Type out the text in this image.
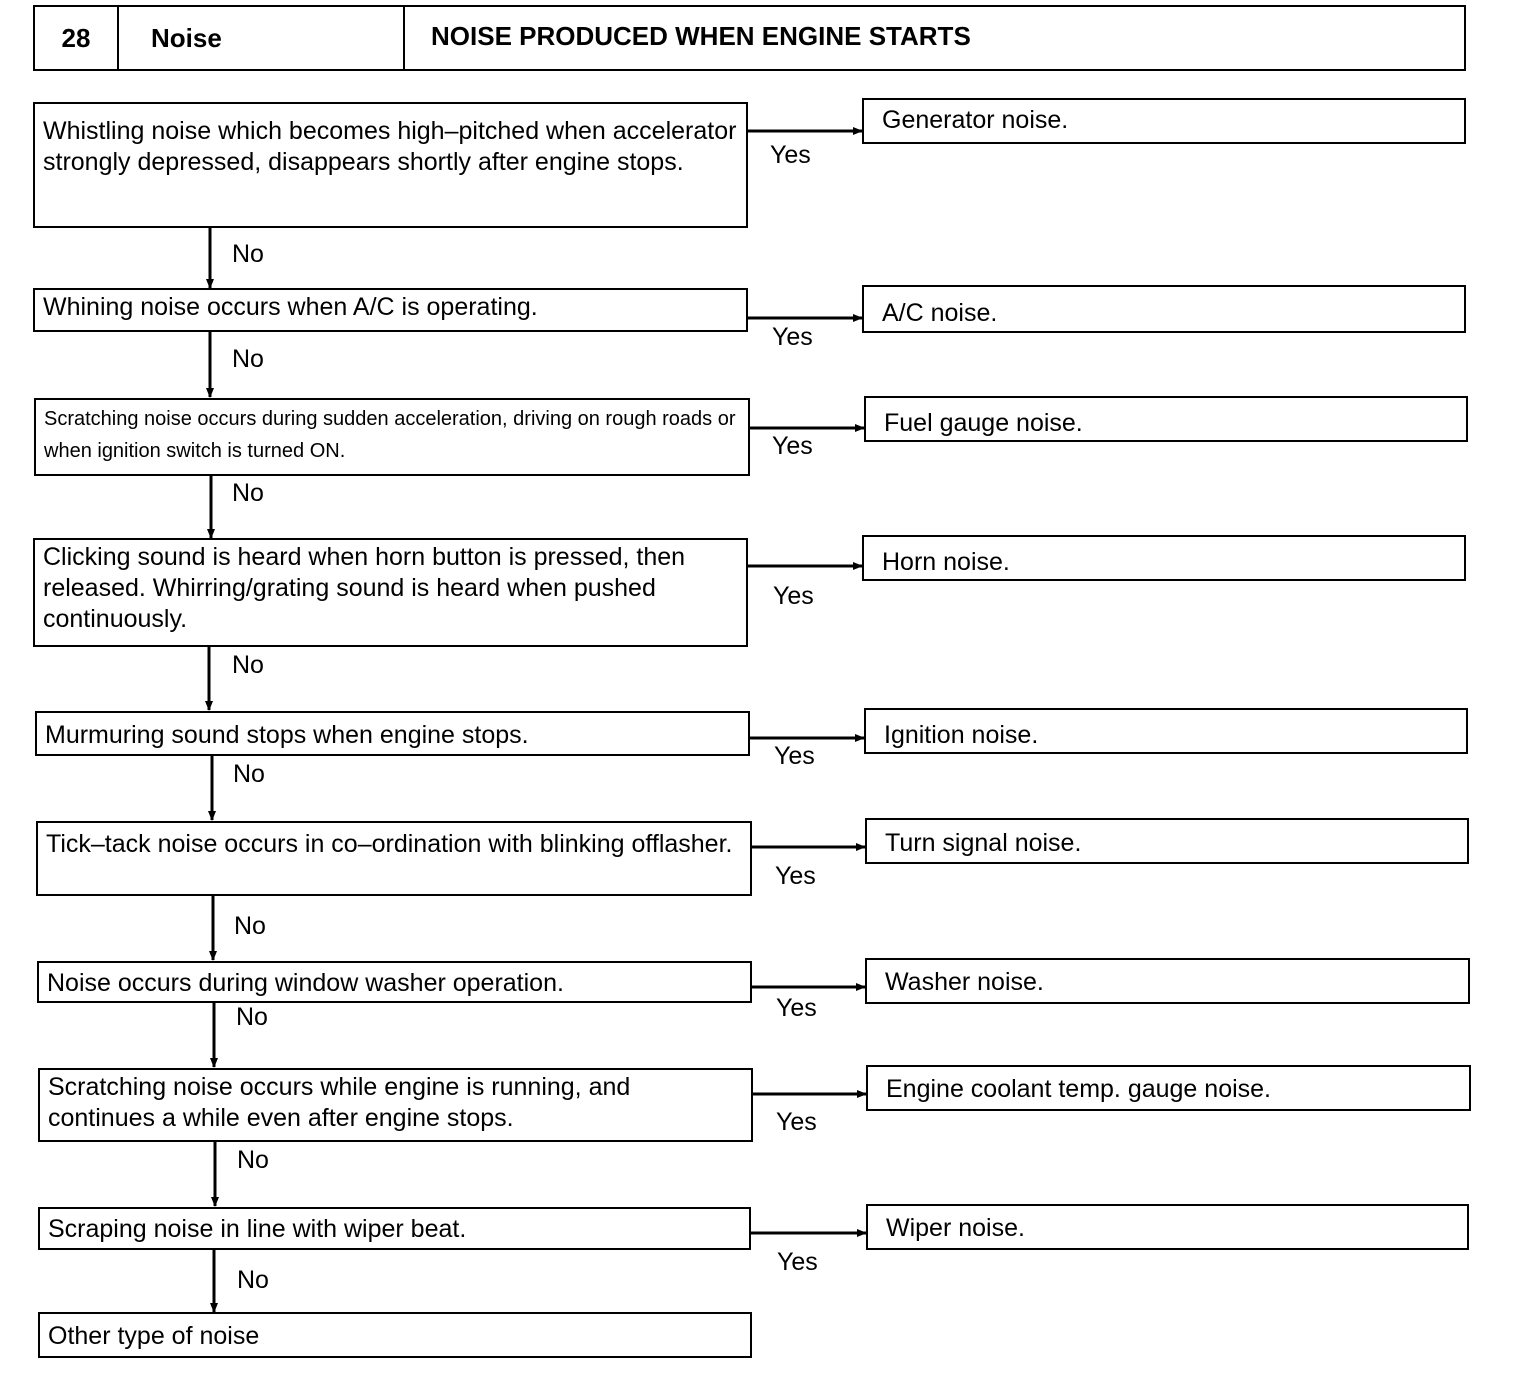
28	Noise	NOISE PRODUCED WHEN ENGINE STARTS
Whistling noise which becomes high–pitched when accelerator strongly depressed, disappears shortly after engine stops.
Whining noise occurs when A/C is operating.
Scratching noise occurs during sudden acceleration, driving on rough roads or when ignition switch is turned ON.
Clicking sound is heard when horn button is pressed, then released. Whirring/grating sound is heard when pushed continuously.
Murmuring sound stops when engine stops.
Tick–tack noise occurs in co–ordination with blinking offlasher.
Noise occurs during window washer operation.
Scratching noise occurs while engine is running, and continues a while even after engine stops.
Scraping noise in line with wiper beat.
Other type of noise
Generator noise.
A/C noise.
Fuel gauge noise.
Horn noise.
Ignition noise.
Turn signal noise.
Washer noise.
Engine coolant temp. gauge noise.
Wiper noise.
Yes
Yes
Yes
Yes
Yes
Yes
Yes
Yes
Yes
No
No
No
No
No
No
No
No
No
